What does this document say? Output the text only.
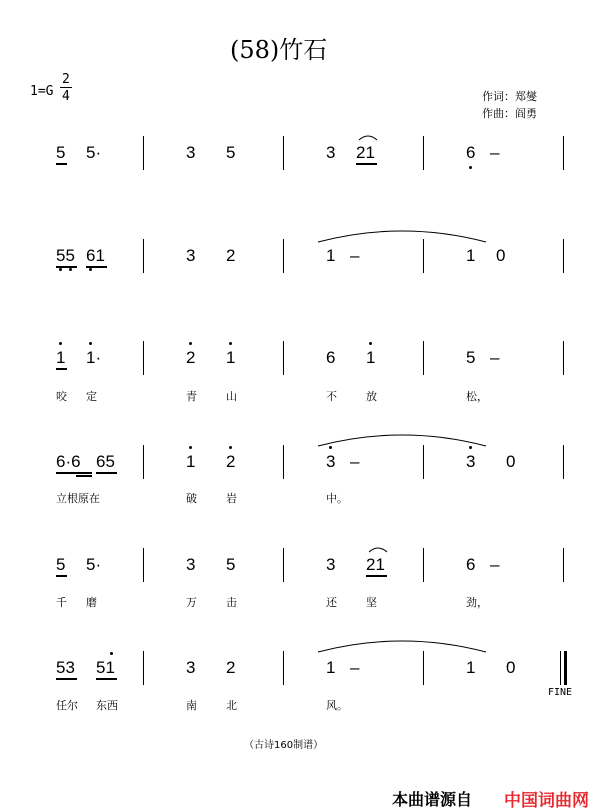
(58)竹石
1=G
2
4	作词：郑燮
作曲：阎勇
5 5·	3 5	3 21	6 –
55 61	3 2	1 –	1 0
1 1·	2 1	6 1	5 –
咬 定	青	山	不	放	松，
6·6 65	1 2	3 –	3 0
立根原在	破	岩	中。
5 5·	3 5	3 21	6 –
千 磨	万	击	还	坚	劲，
53 51	3 2	1 –	1 0
FINE
任尔 东西	南	北	风。
（古诗160制谱）
本曲谱源自 中国词曲网
